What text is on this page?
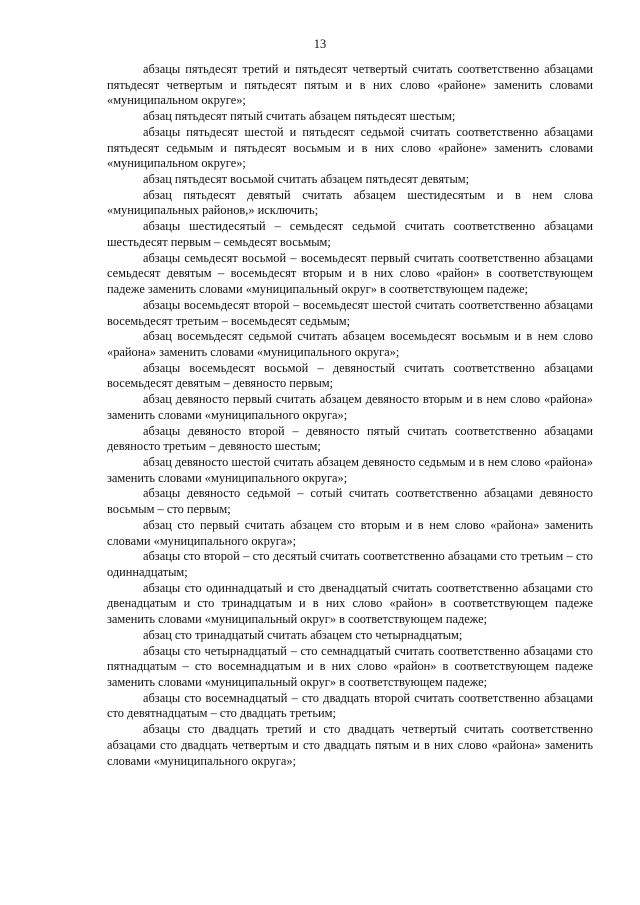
13

абзацы пятьдесят третий и пятьдесят четвертый считать соответственно абзацами пятьдесят четвертым и пятьдесят пятым и в них слово «районе» заменить словами «муниципальном округе»;

абзац пятьдесят пятый считать абзацем пятьдесят шестым;

абзацы пятьдесят шестой и пятьдесят седьмой считать соответственно абзацами пятьдесят седьмым и пятьдесят восьмым и в них слово «районе» заменить словами «муниципальном округе»;

абзац пятьдесят восьмой считать абзацем пятьдесят девятым;

абзац пятьдесят девятый считать абзацем шестидесятым и в нем слова «муниципальных районов,» исключить;

абзацы шестидесятый – семьдесят седьмой считать соответственно абзацами шестьдесят первым – семьдесят восьмым;

абзацы семьдесят восьмой – восемьдесят первый считать соответственно абзацами семьдесят девятым – восемьдесят вторым и в них слово «район» в соответствующем падеже заменить словами «муниципальный округ» в соответствующем падеже;

абзацы восемьдесят второй – восемьдесят шестой считать соответственно абзацами восемьдесят третьим – восемьдесят седьмым;

абзац восемьдесят седьмой считать абзацем восемьдесят восьмым и в нем слово «района» заменить словами «муниципального округа»;

абзацы восемьдесят восьмой – девяностый считать соответственно абзацами восемьдесят девятым – девяносто первым;

абзац девяносто первый считать абзацем девяносто вторым и в нем слово «района» заменить словами «муниципального округа»;

абзацы девяносто второй – девяносто пятый считать соответственно абзацами девяносто третьим – девяносто шестым;

абзац девяносто шестой считать абзацем девяносто седьмым и в нем слово «района» заменить словами «муниципального округа»;

абзацы девяносто седьмой – сотый считать соответственно абзацами девяносто восьмым – сто первым;

абзац сто первый считать абзацем сто вторым и в нем слово «района» заменить словами «муниципального округа»;

абзацы сто второй – сто десятый считать соответственно абзацами сто третьим – сто одиннадцатым;

абзацы сто одиннадцатый и сто двенадцатый считать соответственно абзацами сто двенадцатым и сто тринадцатым и в них слово «район» в соответствующем падеже заменить словами «муниципальный округ» в соответствующем падеже;

абзац сто тринадцатый считать абзацем сто четырнадцатым;

абзацы сто четырнадцатый – сто семнадцатый считать соответственно абзацами сто пятнадцатым – сто восемнадцатым и в них слово «район» в соответствующем падеже заменить словами «муниципальный округ» в соответствующем падеже;

абзацы сто восемнадцатый – сто двадцать второй считать соответственно абзацами сто девятнадцатым – сто двадцать третьим;

абзацы сто двадцать третий и сто двадцать четвертый считать соответственно абзацами сто двадцать четвертым и сто двадцать пятым и в них слово «района» заменить словами «муниципального округа»;
